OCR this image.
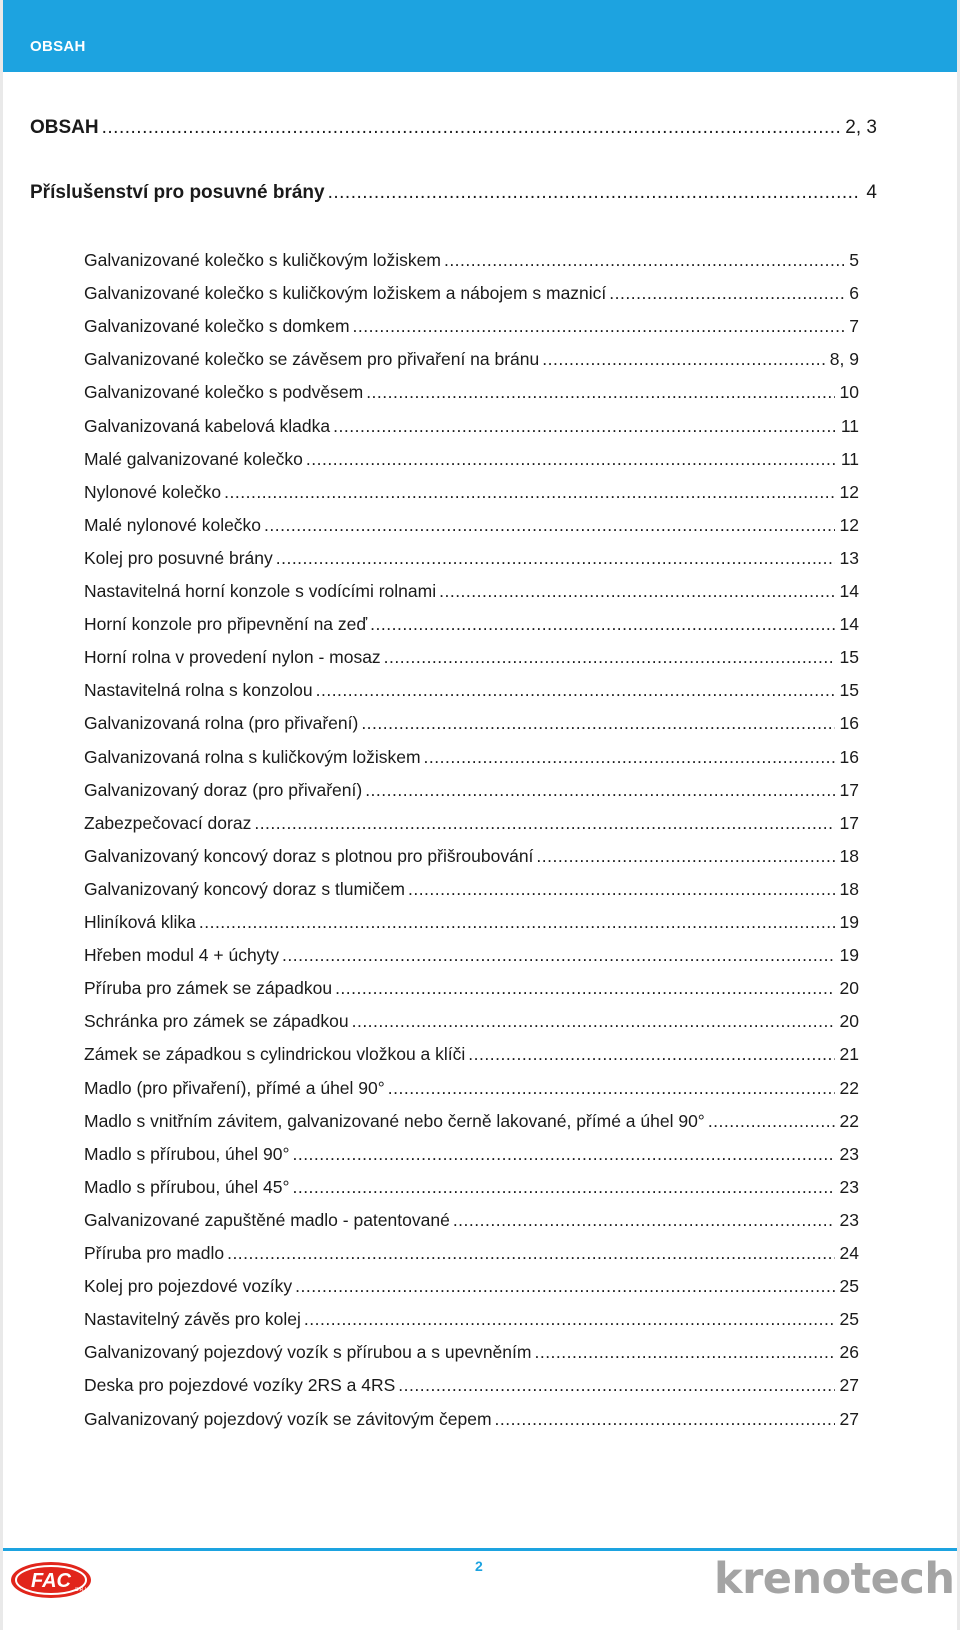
OBSAH
OBSAH .....	2, 3
Příslušenství pro posuvné brány .....	4
Galvanizované kolečko s kuličkovým ložiskem .....	5
Galvanizované kolečko s kuličkovým ložiskem a nábojem s maznicí .....	6
Galvanizované kolečko s domkem .....	7
Galvanizované kolečko se závěsem pro přivaření na bránu .....	8, 9
Galvanizované kolečko s podvěsem .....	10
Galvanizovaná kabelová kladka .....	11
Malé galvanizované kolečko .....	11
Nylonové kolečko .....	12
Malé nylonové kolečko .....	12
Kolej pro posuvné brány .....	13
Nastavitelná horní konzole s vodícími rolnami .....	14
Horní konzole pro připevnění na zeď .....	14
Horní rolna v provedení nylon - mosaz .....	15
Nastavitelná rolna s konzolou .....	15
Galvanizovaná rolna (pro přivaření) .....	16
Galvanizovaná rolna s kuličkovým ložiskem .....	16
Galvanizovaný doraz (pro přivaření) .....	17
Zabezpečovací doraz .....	17
Galvanizovaný koncový doraz s plotnou pro přišroubování .....	18
Galvanizovaný koncový doraz s tlumičem .....	18
Hliníková klika .....	19
Hřeben modul 4 + úchyty .....	19
Příruba pro zámek se západkou .....	20
Schránka pro zámek se západkou .....	20
Zámek se západkou s cylindrickou vložkou a klíči .....	21
Madlo (pro přivaření), přímé a úhel 90° .....	22
Madlo s vnitřním závitem, galvanizované nebo černě lakované, přímé a úhel 90° .....	22
Madlo s přírubou, úhel 90° .....	23
Madlo s přírubou, úhel 45° .....	23
Galvanizované zapuštěné madlo - patentované .....	23
Příruba pro madlo .....	24
Kolej pro pojezdové vozíky .....	25
Nastavitelný závěs pro kolej .....	25
Galvanizovaný pojezdový vozík s přírubou a s upevněním .....	26
Deska pro pojezdové vozíky 2RS a 4RS .....	27
Galvanizovaný pojezdový vozík se závitovým čepem .....	27
2
FAC S.R.L	krenotech
